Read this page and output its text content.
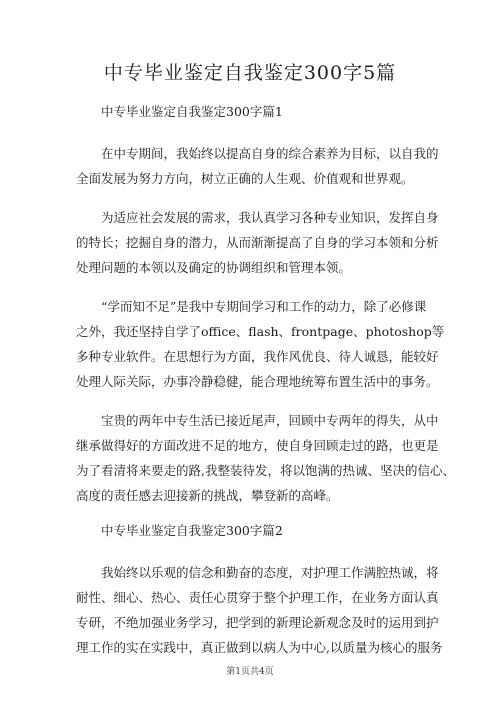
中专毕业鉴定自我鉴定300字5篇
中专毕业鉴定自我鉴定300字篇1
在中专期间，我始终以提高自身的综合素养为目标，以自我的
全面发展为努力方向，树立正确的人生观、价值观和世界观。
为适应社会发展的需求，我认真学习各种专业知识，发挥自身
的特长；挖掘自身的潜力，从而渐渐提高了自身的学习本领和分析
处理问题的本领以及确定的协调组织和管理本领。
“学而知不足”是我中专期间学习和工作的动力，除了必修课
之外，我还坚持自学了office、flash、frontpage、photoshop等
多种专业软件。在思想行为方面，我作风优良、待人诚恳，能较好
处理人际关际，办事冷静稳健，能合理地统筹布置生活中的事务。
宝贵的两年中专生活已接近尾声，回顾中专两年的得失，从中
继承做得好的方面改进不足的地方，使自身回顾走过的路，也更是
为了看清将来要走的路,我整装待发，将以饱满的热诚、坚决的信心、
高度的责任感去迎接新的挑战，攀登新的高峰。
中专毕业鉴定自我鉴定300字篇2
我始终以乐观的信念和勤奋的态度，对护理工作满腔热诚，将
耐性、细心、热心、责任心贯穿于整个护理工作，在业务方面认真
专研，不绝加强业务学习，把学到的新理论新观念及时的运用到护
理工作的实在实践中，真正做到以病人为中心,以质量为核心的服务
第1页共4页
